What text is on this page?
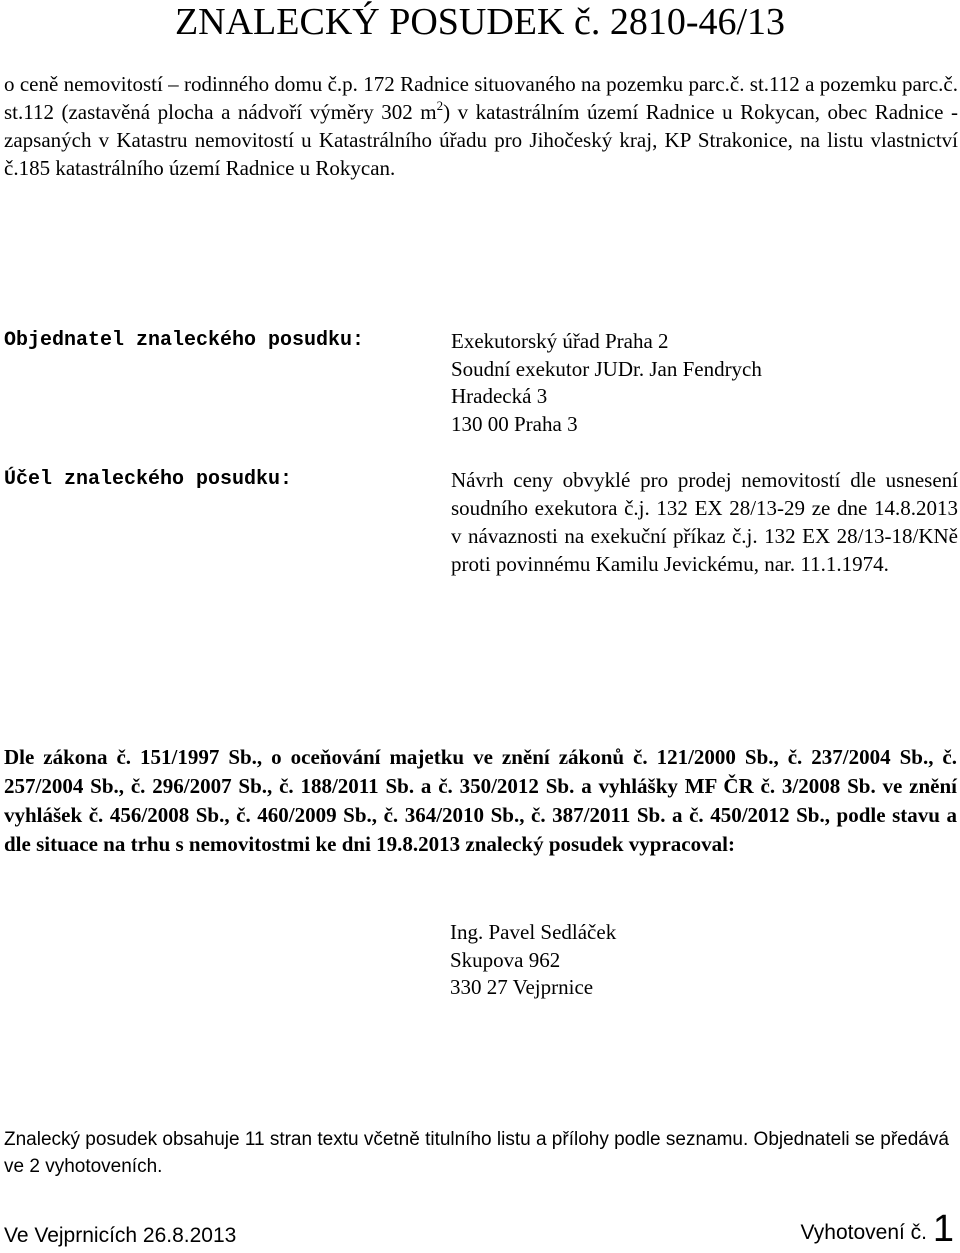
ZNALECKÝ POSUDEK č. 2810-46/13
o ceně nemovitostí – rodinného domu č.p. 172 Radnice situovaného na pozemku parc.č. st.112 a pozemku parc.č. st.112 (zastavěná plocha a nádvoří výměry 302 $m^2$) v katastrálním území Radnice u Rokycan, obec Radnice - zapsaných v Katastru nemovitostí u Katastrálního úřadu pro Jihočeský kraj, KP Strakonice, na listu vlastnictví č.185 katastrálního území Radnice u Rokycan.
Objednatel znaleckého posudku:	Exekutorský úřad Praha 2
Soudní exekutor JUDr. Jan Fendrych
Hradecká 3
130 00 Praha 3
Účel znaleckého posudku:	Návrh ceny obvyklé pro prodej nemovitostí dle usnesení soudního exekutora č.j. 132 EX 28/13-29 ze dne 14.8.2013 v návaznosti na exekuční příkaz č.j. 132 EX 28/13-18/KNě proti povinnému Kamilu Jevickému, nar. 11.1.1974.
Dle zákona č. 151/1997 Sb., o oceňování majetku ve znění zákonů č. 121/2000 Sb., č. 237/2004 Sb., č. 257/2004 Sb., č. 296/2007 Sb., č. 188/2011 Sb. a č. 350/2012 Sb. a vyhlášky MF ČR č. 3/2008 Sb. ve znění vyhlášek č. 456/2008 Sb., č. 460/2009 Sb., č. 364/2010 Sb., č. 387/2011 Sb. a č. 450/2012 Sb., podle stavu a dle situace na trhu s nemovitostmi ke dni 19.8.2013 znalecký posudek vypracoval:
Ing. Pavel Sedláček
Skupova 962
330 27 Vejprnice
Znalecký posudek obsahuje 11 stran textu včetně titulního listu a přílohy podle seznamu. Objednateli se předává ve 2 vyhotoveních.
Ve Vejprnicích 26.8.2013	Vyhotovení č. 1
